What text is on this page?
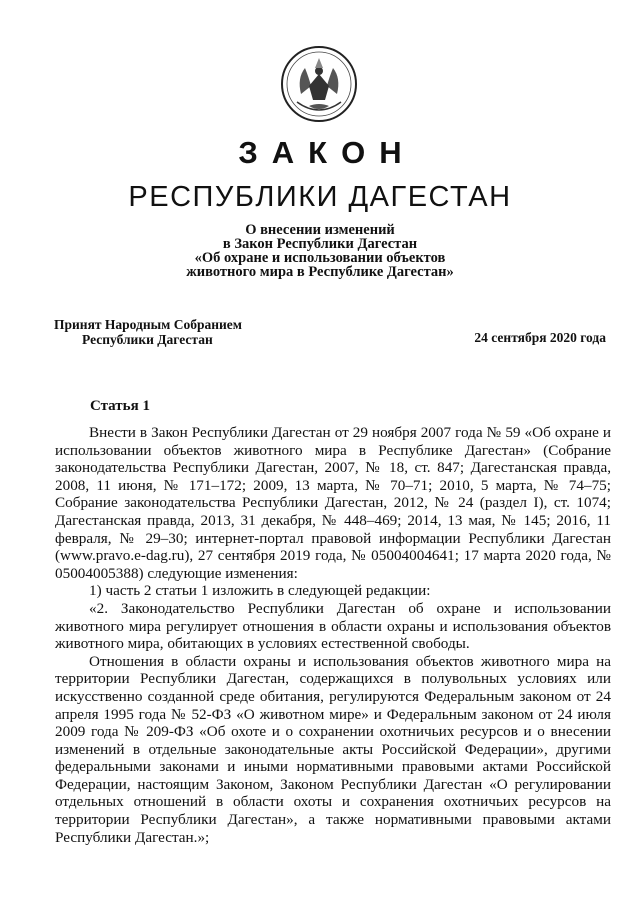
ЗАКОН
РЕСПУБЛИКИ ДАГЕСТАН
О внесении изменений
в Закон Республики Дагестан
«Об охране и использовании объектов
животного мира в Республике Дагестан»
Принят Народным Собранием
Республики Дагестан	24 сентября 2020 года
Статья 1

Внести в Закон Республики Дагестан от 29 ноября 2007 года № 59 «Об охране и использовании объектов животного мира в Республике Дагестан» (Собрание законодательства Республики Дагестан, 2007, № 18, ст. 847; Дагестанская правда, 2008, 11 июня, № 171–172; 2009, 13 марта, № 70–71; 2010, 5 марта, № 74–75; Собрание законодательства Республики Дагестан, 2012, № 24 (раздел I), ст. 1074; Дагестанская правда, 2013, 31 декабря, № 448–469; 2014, 13 мая, № 145; 2016, 11 февраля, № 29–30; интернет-портал правовой информации Республики Дагестан (www.pravo.e-dag.ru), 27 сентября 2019 года, № 05004004641; 17 марта 2020 года, № 05004005388) следующие изменения:

1) часть 2 статьи 1 изложить в следующей редакции:

«2. Законодательство Республики Дагестан об охране и использовании животного мира регулирует отношения в области охраны и использования объектов животного мира, обитающих в условиях естественной свободы.

Отношения в области охраны и использования объектов животного мира на территории Республики Дагестан, содержащихся в полувольных условиях или искусственно созданной среде обитания, регулируются Федеральным законом от 24 апреля 1995 года № 52-ФЗ «О животном мире» и Федеральным законом от 24 июля 2009 года № 209-ФЗ «Об охоте и о сохранении охотничьих ресурсов и о внесении изменений в отдельные законодательные акты Российской Федерации», другими федеральными законами и иными нормативными правовыми актами Российской Федерации, настоящим Законом, Законом Республики Дагестан «О регулировании отдельных отношений в области охоты и сохранения охотничьих ресурсов на территории Республики Дагестан», а также нормативными правовыми актами Республики Дагестан.»;
